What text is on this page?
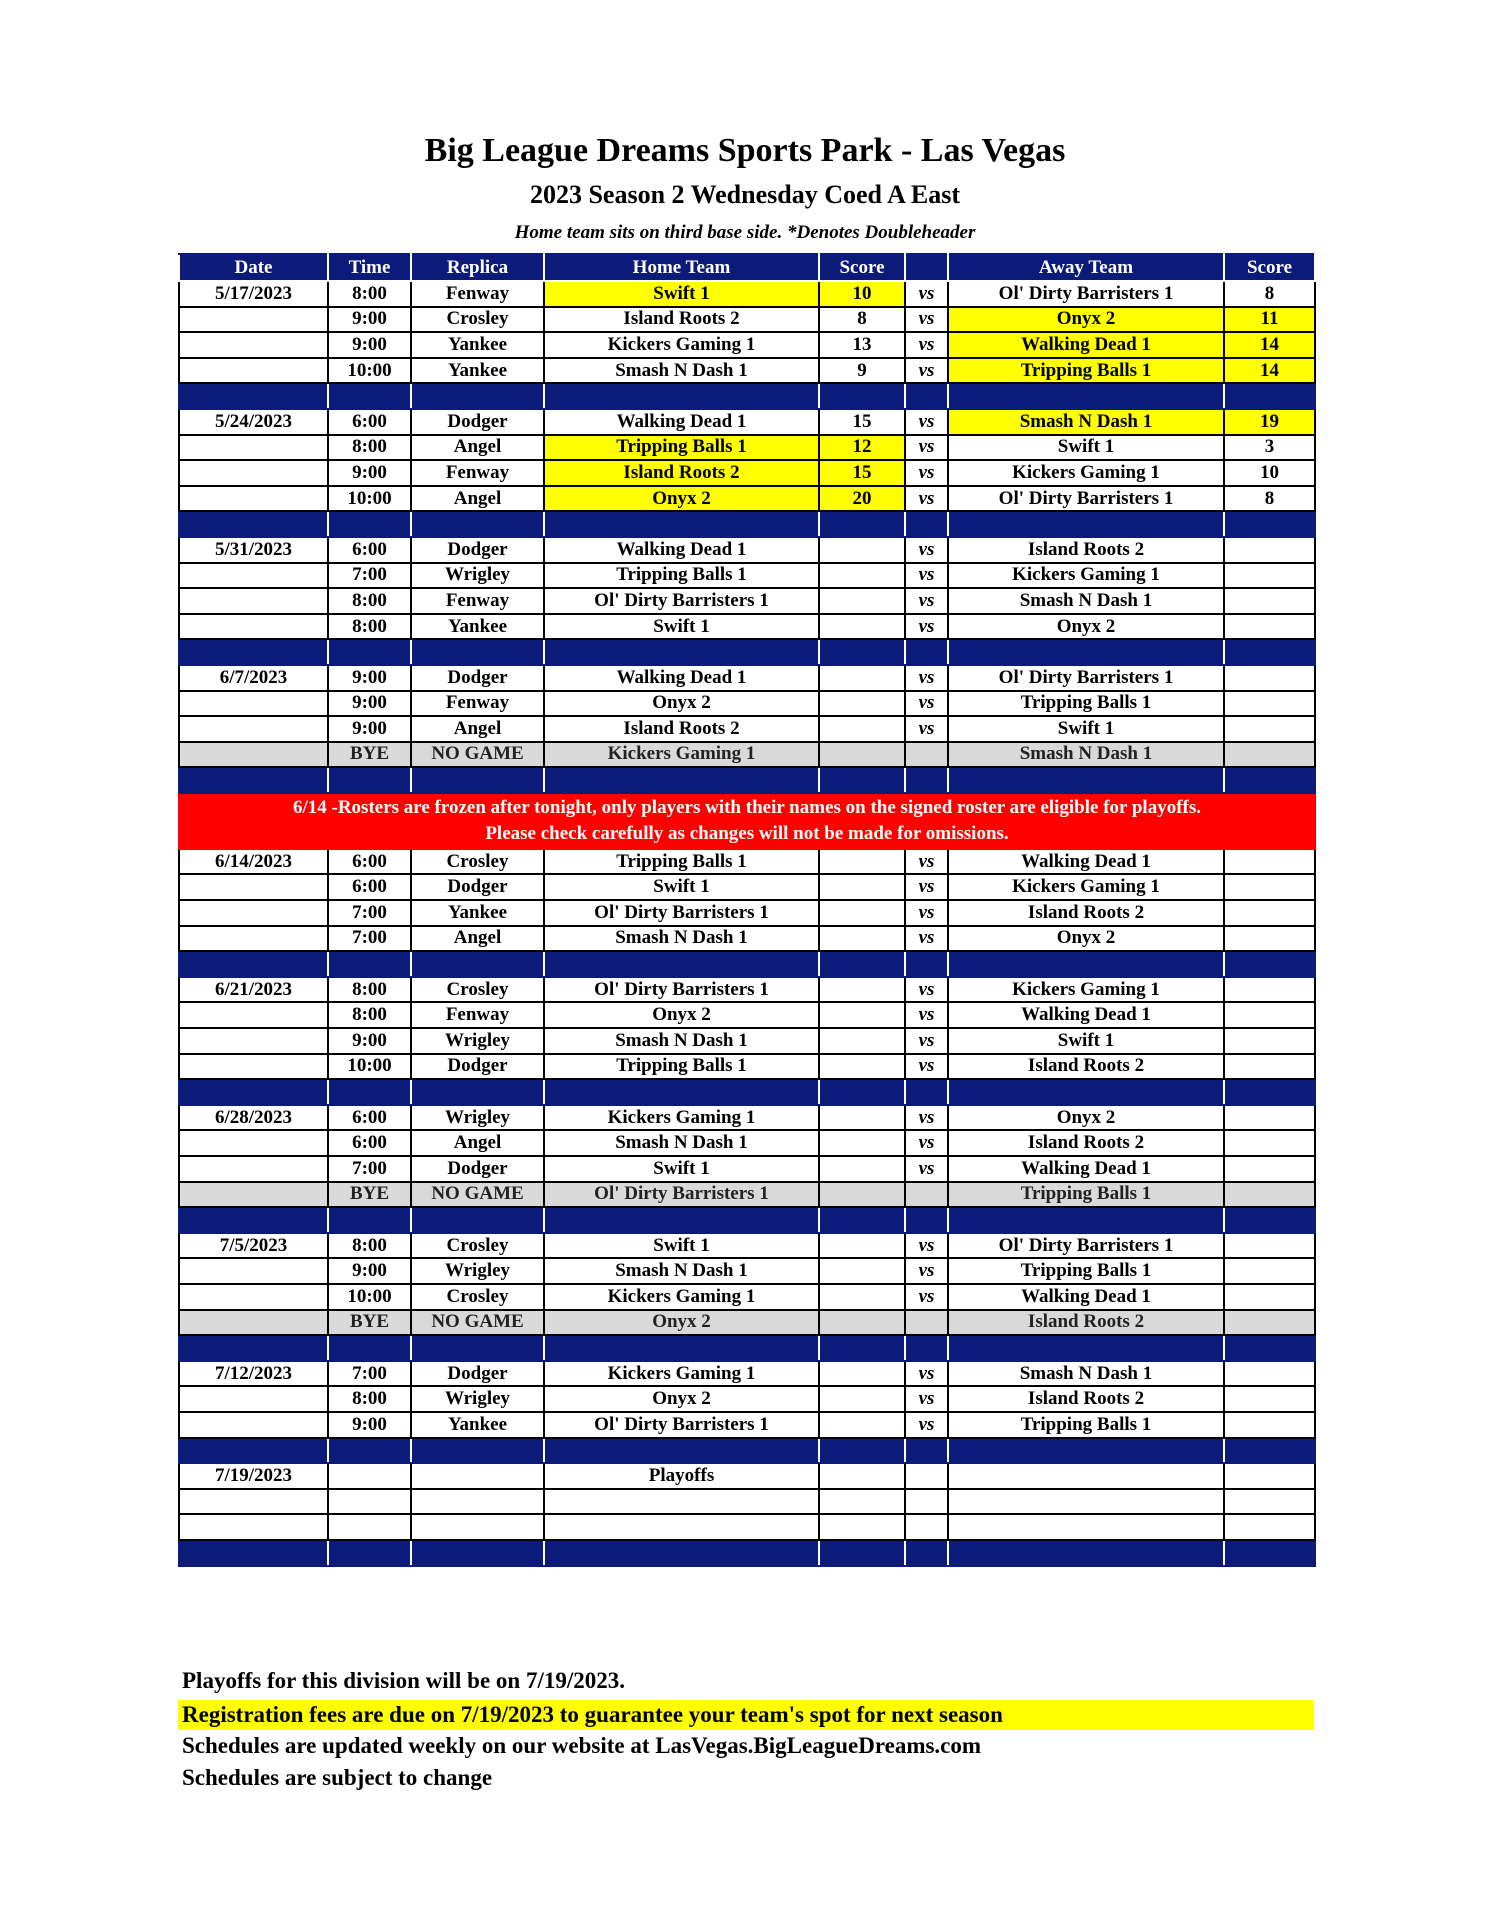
Big League Dreams Sports Park - Las Vegas
2023 Season 2 Wednesday Coed A East
Home team sits on third base side. *Denotes Doubleheader
Date	Time	Replica	Home Team	Score		Away Team	Score
5/17/2023	8:00	Fenway	Swift 1	10	vs	Ol' Dirty Barristers 1	8
	9:00	Crosley	Island Roots 2	8	vs	Onyx 2	11
	9:00	Yankee	Kickers Gaming 1	13	vs	Walking Dead 1	14
	10:00	Yankee	Smash N Dash 1	9	vs	Tripping Balls 1	14

5/24/2023	6:00	Dodger	Walking Dead 1	15	vs	Smash N Dash 1	19
	8:00	Angel	Tripping Balls 1	12	vs	Swift 1	3
	9:00	Fenway	Island Roots 2	15	vs	Kickers Gaming 1	10
	10:00	Angel	Onyx 2	20	vs	Ol' Dirty Barristers 1	8

5/31/2023	6:00	Dodger	Walking Dead 1		vs	Island Roots 2	
	7:00	Wrigley	Tripping Balls 1		vs	Kickers Gaming 1	
	8:00	Fenway	Ol' Dirty Barristers 1		vs	Smash N Dash 1	
	8:00	Yankee	Swift 1		vs	Onyx 2	

6/7/2023	9:00	Dodger	Walking Dead 1		vs	Ol' Dirty Barristers 1	
	9:00	Fenway	Onyx 2		vs	Tripping Balls 1	
	9:00	Angel	Island Roots 2		vs	Swift 1	
	BYE	NO GAME	Kickers Gaming 1			Smash N Dash 1	

6/14 -Rosters are frozen after tonight, only players with their names on the signed roster are eligible for playoffs.
Please check carefully as changes will not be made for omissions.							

6/14/2023	6:00	Crosley	Tripping Balls 1		vs	Walking Dead 1	
	6:00	Dodger	Swift 1		vs	Kickers Gaming 1	
	7:00	Yankee	Ol' Dirty Barristers 1		vs	Island Roots 2	
	7:00	Angel	Smash N Dash 1		vs	Onyx 2	

6/21/2023	8:00	Crosley	Ol' Dirty Barristers 1		vs	Kickers Gaming 1	
	8:00	Fenway	Onyx 2		vs	Walking Dead 1	
	9:00	Wrigley	Smash N Dash 1		vs	Swift 1	
	10:00	Dodger	Tripping Balls 1		vs	Island Roots 2	

6/28/2023	6:00	Wrigley	Kickers Gaming 1		vs	Onyx 2	
	6:00	Angel	Smash N Dash 1		vs	Island Roots 2	
	7:00	Dodger	Swift 1		vs	Walking Dead 1	
	BYE	NO GAME	Ol' Dirty Barristers 1			Tripping Balls 1	

7/5/2023	8:00	Crosley	Swift 1		vs	Ol' Dirty Barristers 1	
	9:00	Wrigley	Smash N Dash 1		vs	Tripping Balls 1	
	10:00	Crosley	Kickers Gaming 1		vs	Walking Dead 1	
	BYE	NO GAME	Onyx 2			Island Roots 2	

7/12/2023	7:00	Dodger	Kickers Gaming 1		vs	Smash N Dash 1	
	8:00	Wrigley	Onyx 2		vs	Island Roots 2	
	9:00	Yankee	Ol' Dirty Barristers 1		vs	Tripping Balls 1	

7/19/2023			Playoffs				

Playoffs for this division will be on 7/19/2023.
Registration fees are due on 7/19/2023 to guarantee your team's spot for next season
Schedules are updated weekly on our website at LasVegas.BigLeagueDreams.com
Schedules are subject to change
